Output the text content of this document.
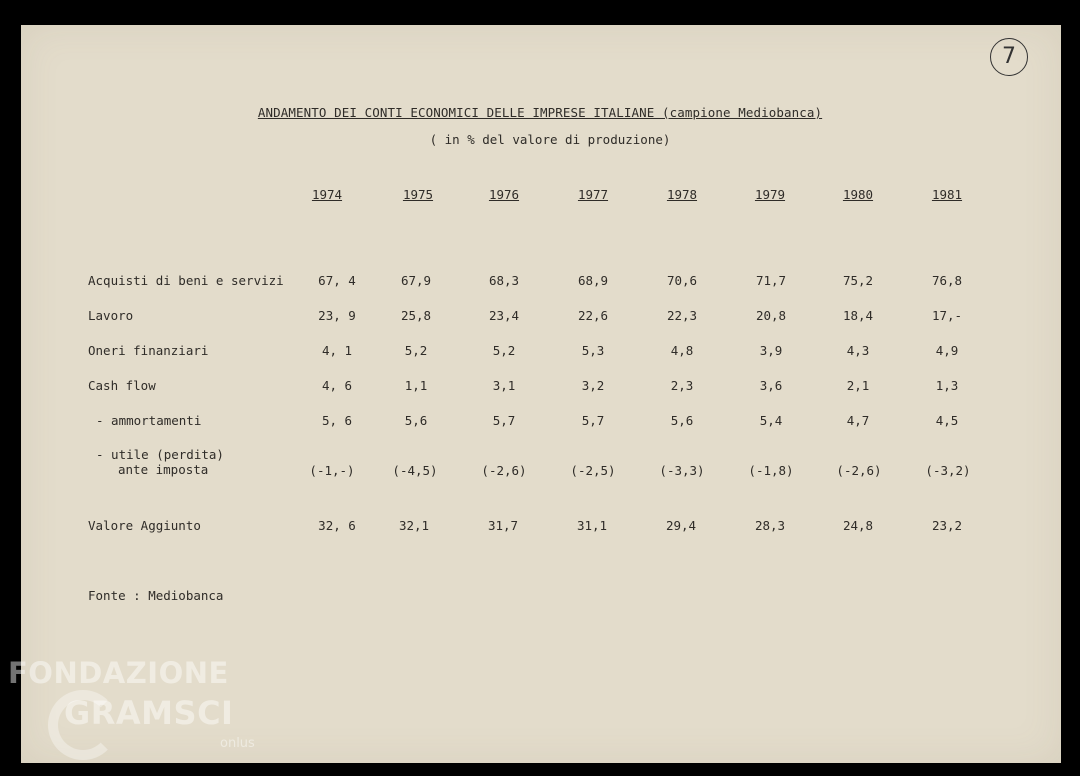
7
ANDAMENTO DEI CONTI ECONOMICI DELLE IMPRESE ITALIANE (campione Mediobanca)
( in % del valore di produzione)
1974	1975	1976	1977	1978	1979	1980	1981
Acquisti di beni e servizi	67, 4	67,9	68,3	68,9	70,6	71,7	75,2	76,8
Lavoro	23, 9	25,8	23,4	22,6	22,3	20,8	18,4	17,-
Oneri finanziari	4, 1	5,2	5,2	5,3	4,8	3,9	4,3	4,9
Cash flow	4, 6	1,1	3,1	3,2	2,3	3,6	2,1	1,3
- ammortamenti	5, 6	5,6	5,7	5,7	5,6	5,4	4,7	4,5
- utile (perdita)
ante imposta	(-1,-)	(-4,5)	(-2,6)	(-2,5)	(-3,3)	(-1,8)	(-2,6)	(-3,2)
Valore Aggiunto	32, 6	32,1	31,7	31,1	29,4	28,3	24,8	23,2
Fonte : Mediobanca
FONDAZIONE
GRAMSCI
onlus
